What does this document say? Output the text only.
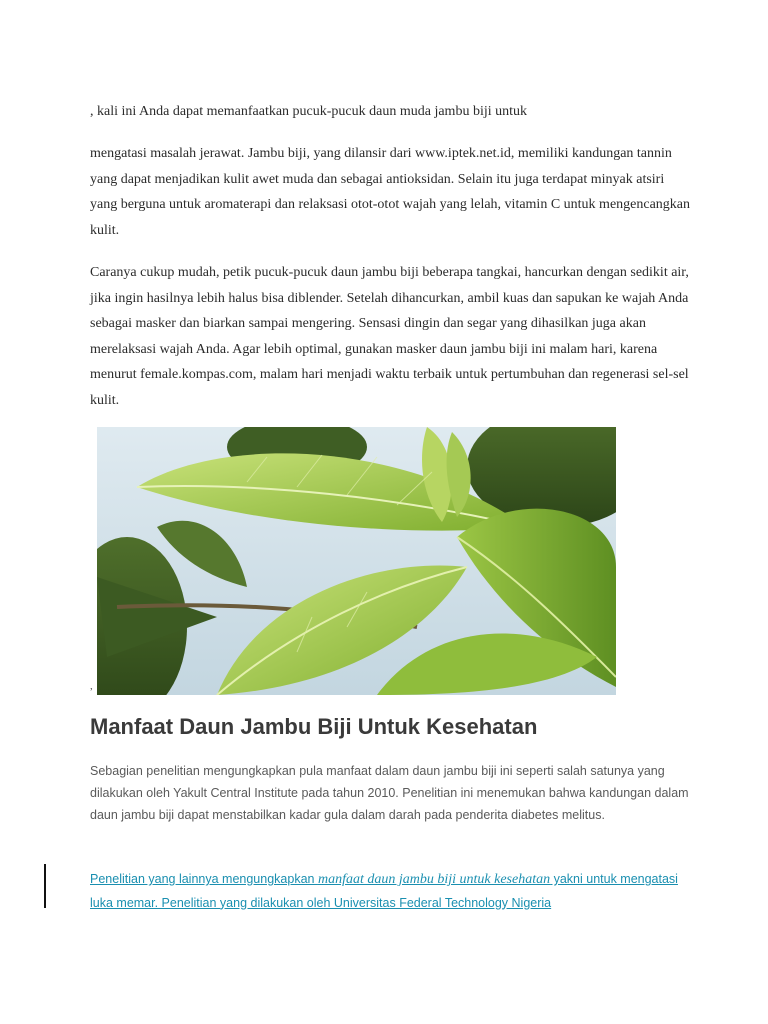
, kali ini Anda dapat memanfaatkan pucuk-pucuk daun muda jambu biji untuk

mengatasi masalah jerawat. Jambu biji, yang dilansir dari www.iptek.net.id, memiliki kandungan tannin yang dapat menjadikan kulit awet muda dan sebagai antioksidan. Selain itu juga terdapat minyak atsiri yang berguna untuk aromaterapi dan relaksasi otot-otot wajah yang lelah, vitamin C untuk mengencangkan kulit.

Caranya cukup mudah, petik pucuk-pucuk daun jambu biji beberapa tangkai, hancurkan dengan sedikit air, jika ingin hasilnya lebih halus bisa diblender. Setelah dihancurkan, ambil kuas dan sapukan ke wajah Anda sebagai masker dan biarkan sampai mengering. Sensasi dingin dan segar yang dihasilkan juga akan merelaksasi wajah Anda. Agar lebih optimal, gunakan masker daun jambu biji ini malam hari, karena menurut female.kompas.com, malam hari menjadi waktu terbaik untuk pertumbuhan dan regenerasi sel-sel kulit.

,
Manfaat Daun Jambu Biji Untuk Kesehatan

Sebagian penelitian mengungkapkan pula manfaat dalam daun jambu biji ini seperti salah satunya yang dilakukan oleh Yakult Central Institute pada tahun 2010. Penelitian ini menemukan bahwa kandungan dalam daun jambu biji dapat menstabilkan kadar gula dalam darah pada penderita diabetes melitus.

Penelitian yang lainnya mengungkapkan manfaat daun jambu biji untuk kesehatan yakni untuk mengatasi luka memar. Penelitian yang dilakukan oleh Universitas Federal Technology Nigeria
